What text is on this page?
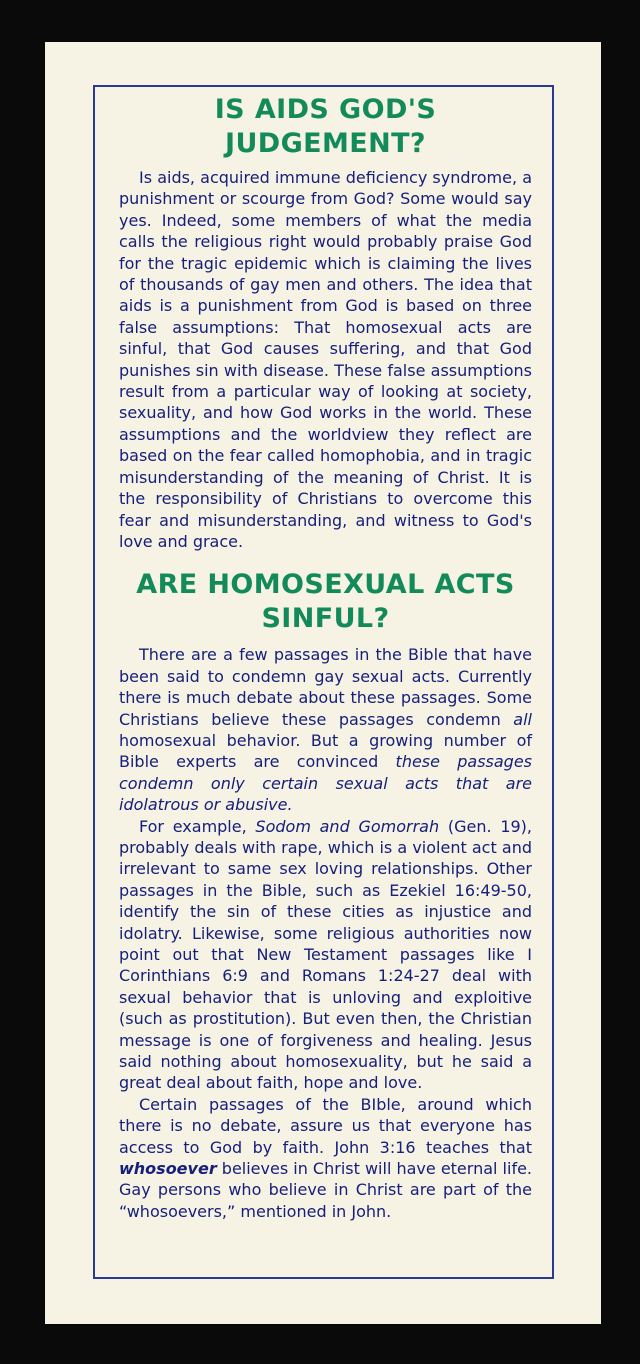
IS AIDS GOD'S
JUDGEMENT?

Is aids, acquired immune deficiency syndrome, a punishment or scourge from God? Some would say yes. Indeed, some members of what the media calls the religious right would probably praise God for the tragic epidemic which is claiming the lives of thousands of gay men and others. The idea that aids is a punishment from God is based on three false assumptions: That homosexual acts are sinful, that God causes suffering, and that God punishes sin with disease. These false assumptions result from a particular way of looking at society, sexuality, and how God works in the world. These assumptions and the worldview they reflect are based on the fear called homophobia, and in tragic misunderstanding of the meaning of Christ. It is the responsibility of Christians to overcome this fear and misunderstanding, and witness to God's love and grace.

ARE HOMOSEXUAL ACTS
SINFUL?

There are a few passages in the Bible that have been said to condemn gay sexual acts. Currently there is much debate about these passages. Some Christians believe these passages condemn all homosexual behavior. But a growing number of Bible experts are convinced these passages condemn only certain sexual acts that are idolatrous or abusive.

For example, Sodom and Gomorrah (Gen. 19), probably deals with rape, which is a violent act and irrelevant to same sex loving relationships. Other passages in the Bible, such as Ezekiel 16:49-50, identify the sin of these cities as injustice and idolatry. Likewise, some religious authorities now point out that New Testament passages like I Corinthians 6:9 and Romans 1:24-27 deal with sexual behavior that is unloving and exploitive (such as prostitution). But even then, the Christian message is one of forgiveness and healing. Jesus said nothing about homosexuality, but he said a great deal about faith, hope and love.

Certain passages of the BIble, around which there is no debate, assure us that everyone has access to God by faith. John 3:16 teaches that whosoever believes in Christ will have eternal life. Gay persons who believe in Christ are part of the “whosoevers,” mentioned in John.
